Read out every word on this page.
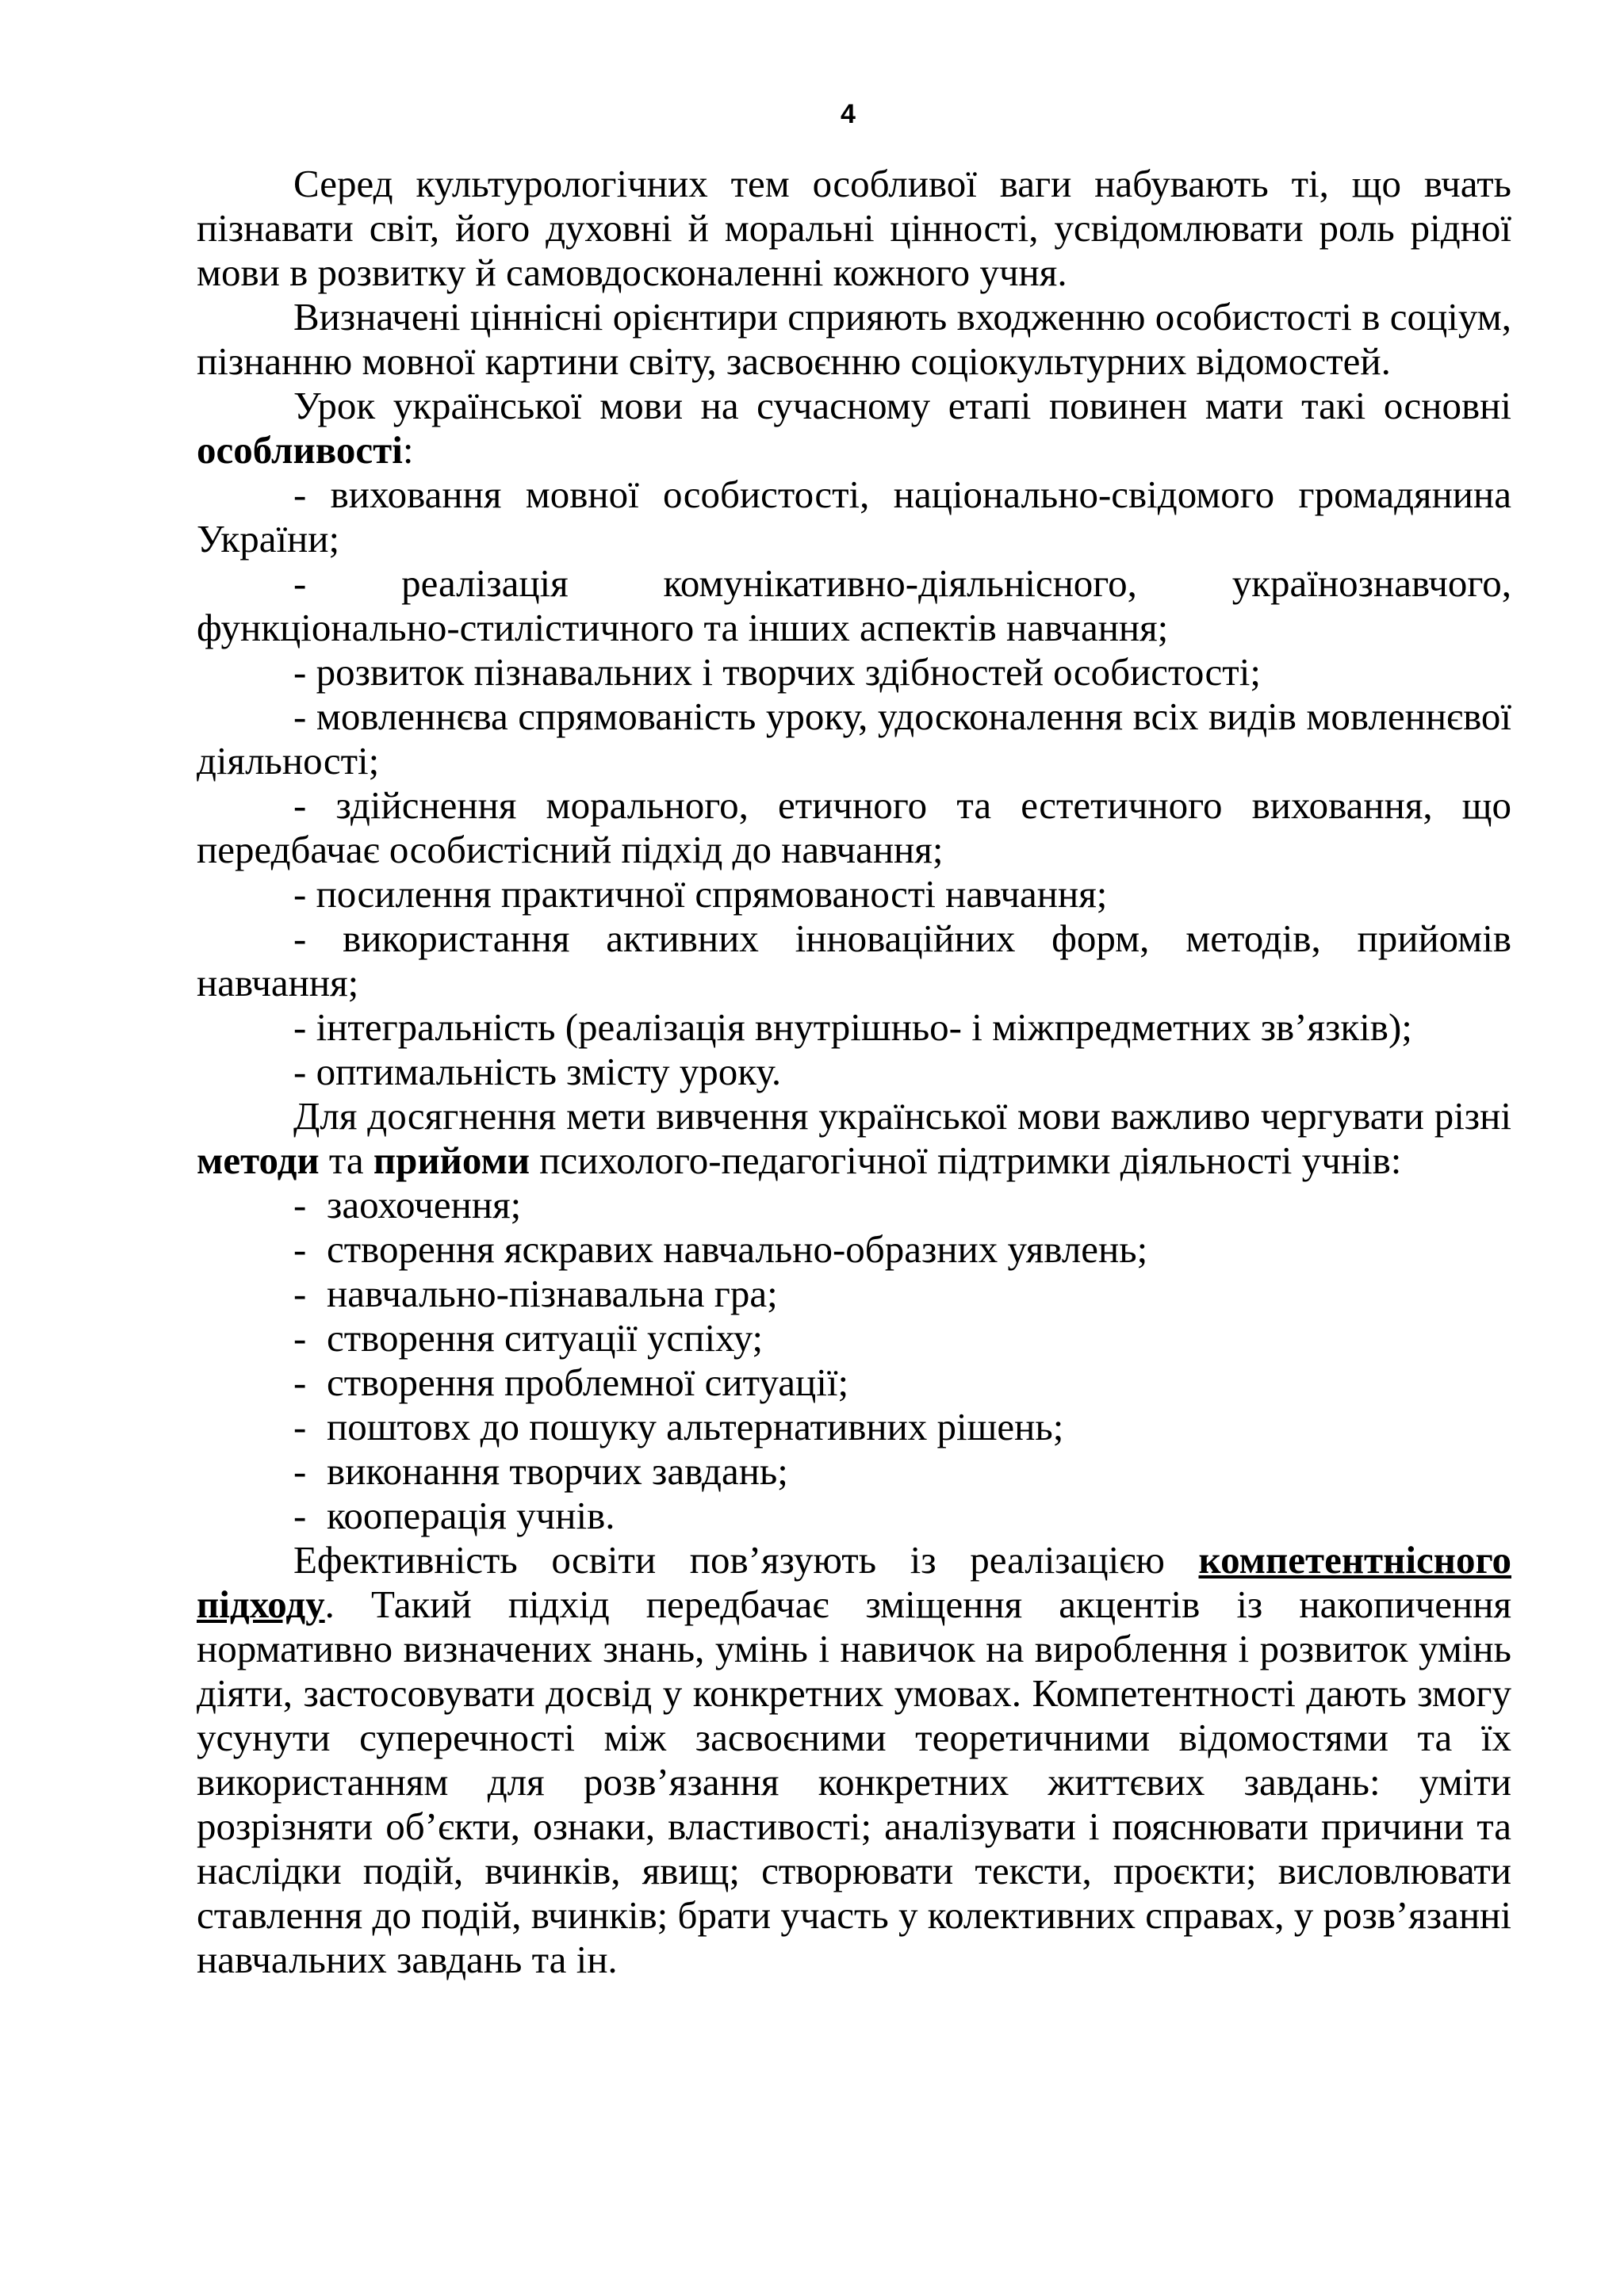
4

Серед культурологічних тем особливої ваги набувають ті, що вчать пізнавати світ, його духовні й моральні цінності, усвідомлювати роль рідної мови в розвитку й самовдосконаленні кожного учня.

Визначені ціннісні орієнтири сприяють входженню особистості в соціум, пізнанню мовної картини світу, засвоєнню соціокультурних відомостей.

Урок української мови на сучасному етапі повинен мати такі основні особливості:

- виховання мовної особистості, національно-свідомого громадянина України;

- реалізація комунікативно-діяльнісного, українознавчого, функціонально-стилістичного та інших аспектів навчання;

- розвиток пізнавальних і творчих здібностей особистості;

- мовленнєва спрямованість уроку, удосконалення всіх видів мовленнєвої діяльності;

- здійснення морального, етичного та естетичного виховання, що передбачає особистісний підхід до навчання;

- посилення практичної спрямованості навчання;

- використання активних інноваційних форм, методів, прийомів навчання;

- інтегральність (реалізація внутрішньо- і міжпредметних зв’язків);

- оптимальність змісту уроку.

Для досягнення мети вивчення української мови важливо чергувати різні методи та прийоми психолого-педагогічної підтримки діяльності учнів:

- заохочення;

- створення яскравих навчально-образних уявлень;

- навчально-пізнавальна гра;

- створення ситуації успіху;

- створення проблемної ситуації;

- поштовх до пошуку альтернативних рішень;

- виконання творчих завдань;

- кооперація учнів.

Ефективність освіти пов’язують із реалізацією компетентнісного підходу. Такий підхід передбачає зміщення акцентів із накопичення нормативно визначених знань, умінь і навичок на вироблення і розвиток умінь діяти, застосовувати досвід у конкретних умовах. Компетентності дають змогу усунути суперечності між засвоєними теоретичними відомостями та їх використанням для розв’язання конкретних життєвих завдань: уміти розрізняти об’єкти, ознаки, властивості; аналізувати і пояснювати причини та наслідки подій, вчинків, явищ; створювати тексти, проєкти; висловлювати ставлення до подій, вчинків; брати участь у колективних справах, у розв’язанні навчальних завдань та ін.
